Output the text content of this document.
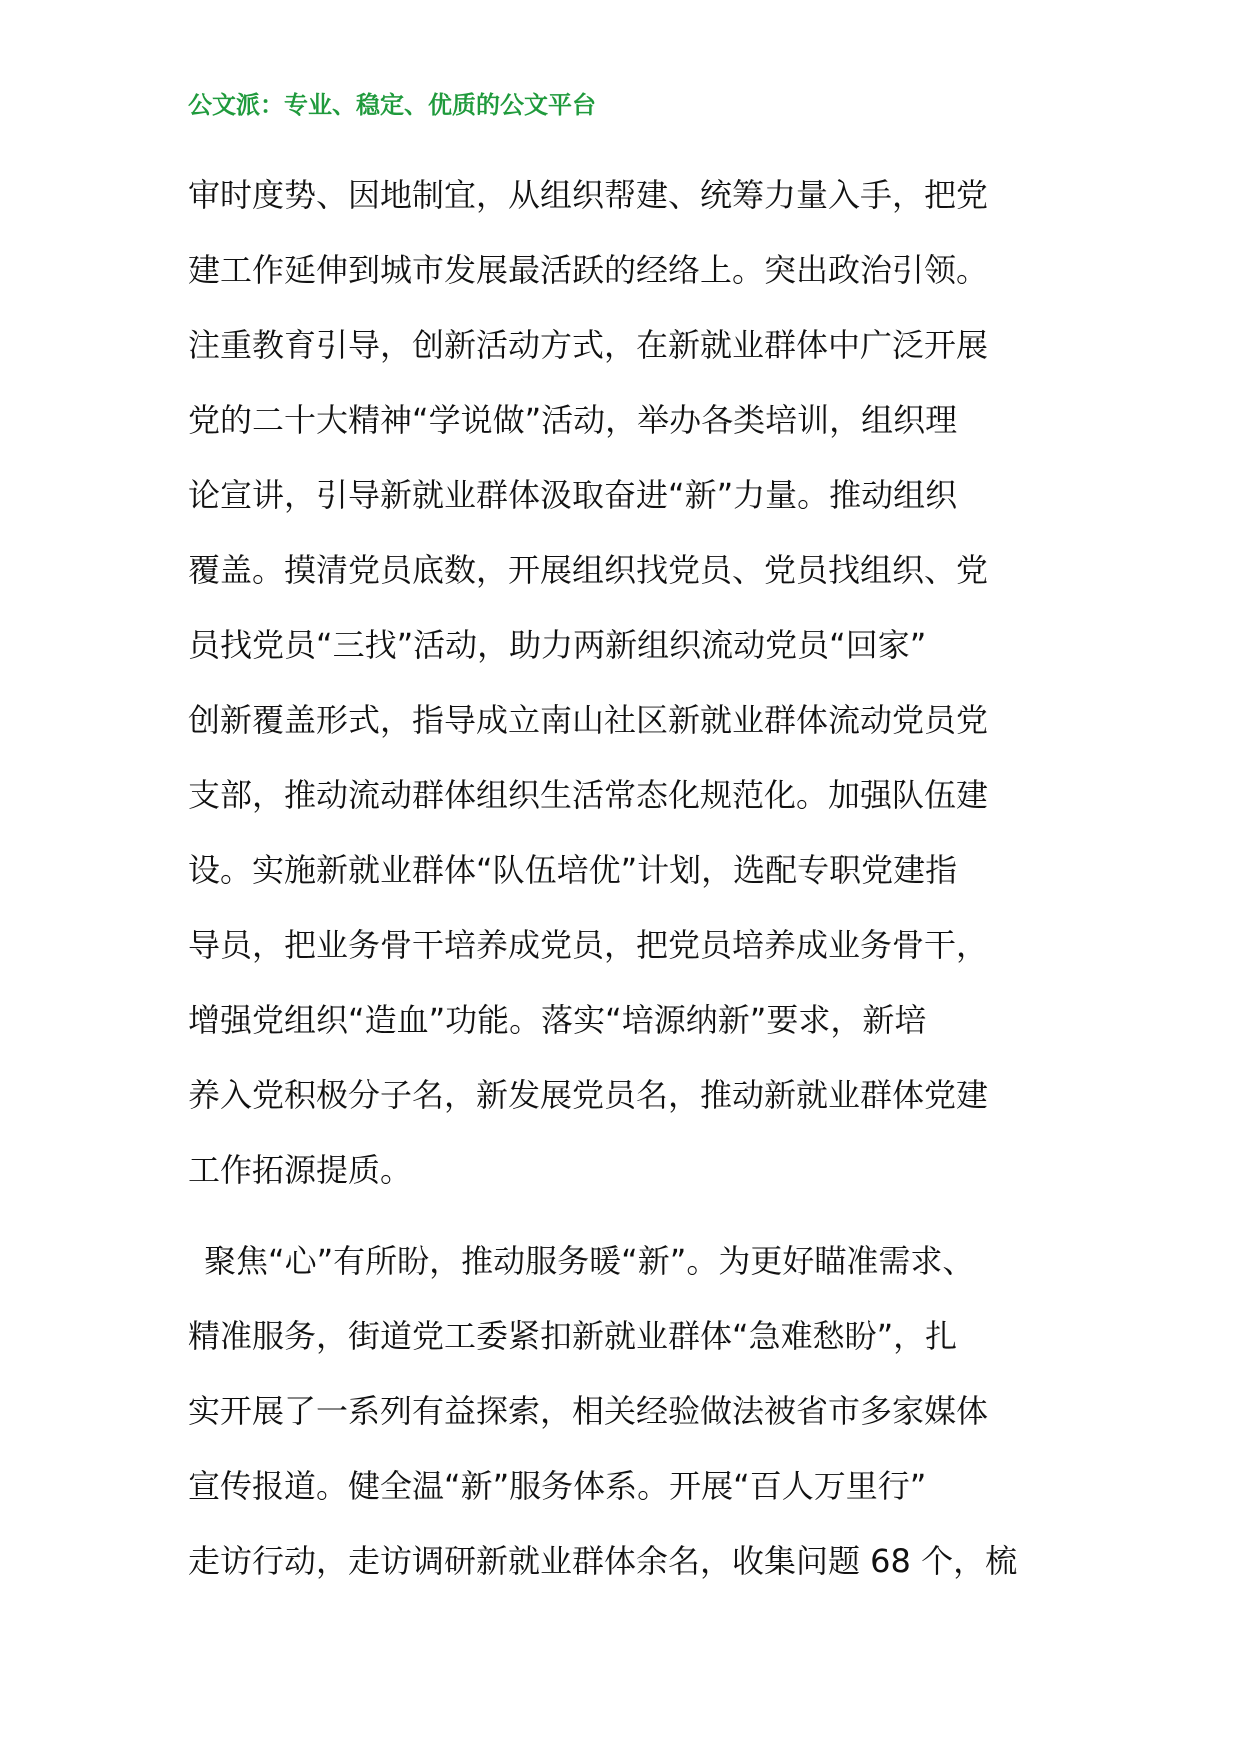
公文派：专业、稳定、优质的公文平台
审时度势、因地制宜，从组织帮建、统筹力量入手，把党
建工作延伸到城市发展最活跃的经络上。突出政治引领。
注重教育引导，创新活动方式，在新就业群体中广泛开展
党的二十大精神“学说做”活动，举办各类培训，组织理
论宣讲，引导新就业群体汲取奋进“新”力量。推动组织
覆盖。摸清党员底数，开展组织找党员、党员找组织、党
员找党员“三找”活动，助力两新组织流动党员“回家”
创新覆盖形式，指导成立南山社区新就业群体流动党员党
支部，推动流动群体组织生活常态化规范化。加强队伍建
设。实施新就业群体“队伍培优”计划，选配专职党建指
导员，把业务骨干培养成党员，把党员培养成业务骨干，
增强党组织“造血”功能。落实“培源纳新”要求，新培
养入党积极分子名，新发展党员名，推动新就业群体党建
工作拓源提质。
聚焦“心”有所盼，推动服务暖“新”。为更好瞄准需求、
精准服务，街道党工委紧扣新就业群体“急难愁盼”，扎
实开展了一系列有益探索，相关经验做法被省市多家媒体
宣传报道。健全温“新”服务体系。开展“百人万里行”
走访行动，走访调研新就业群体余名，收集问题 68 个，梳
